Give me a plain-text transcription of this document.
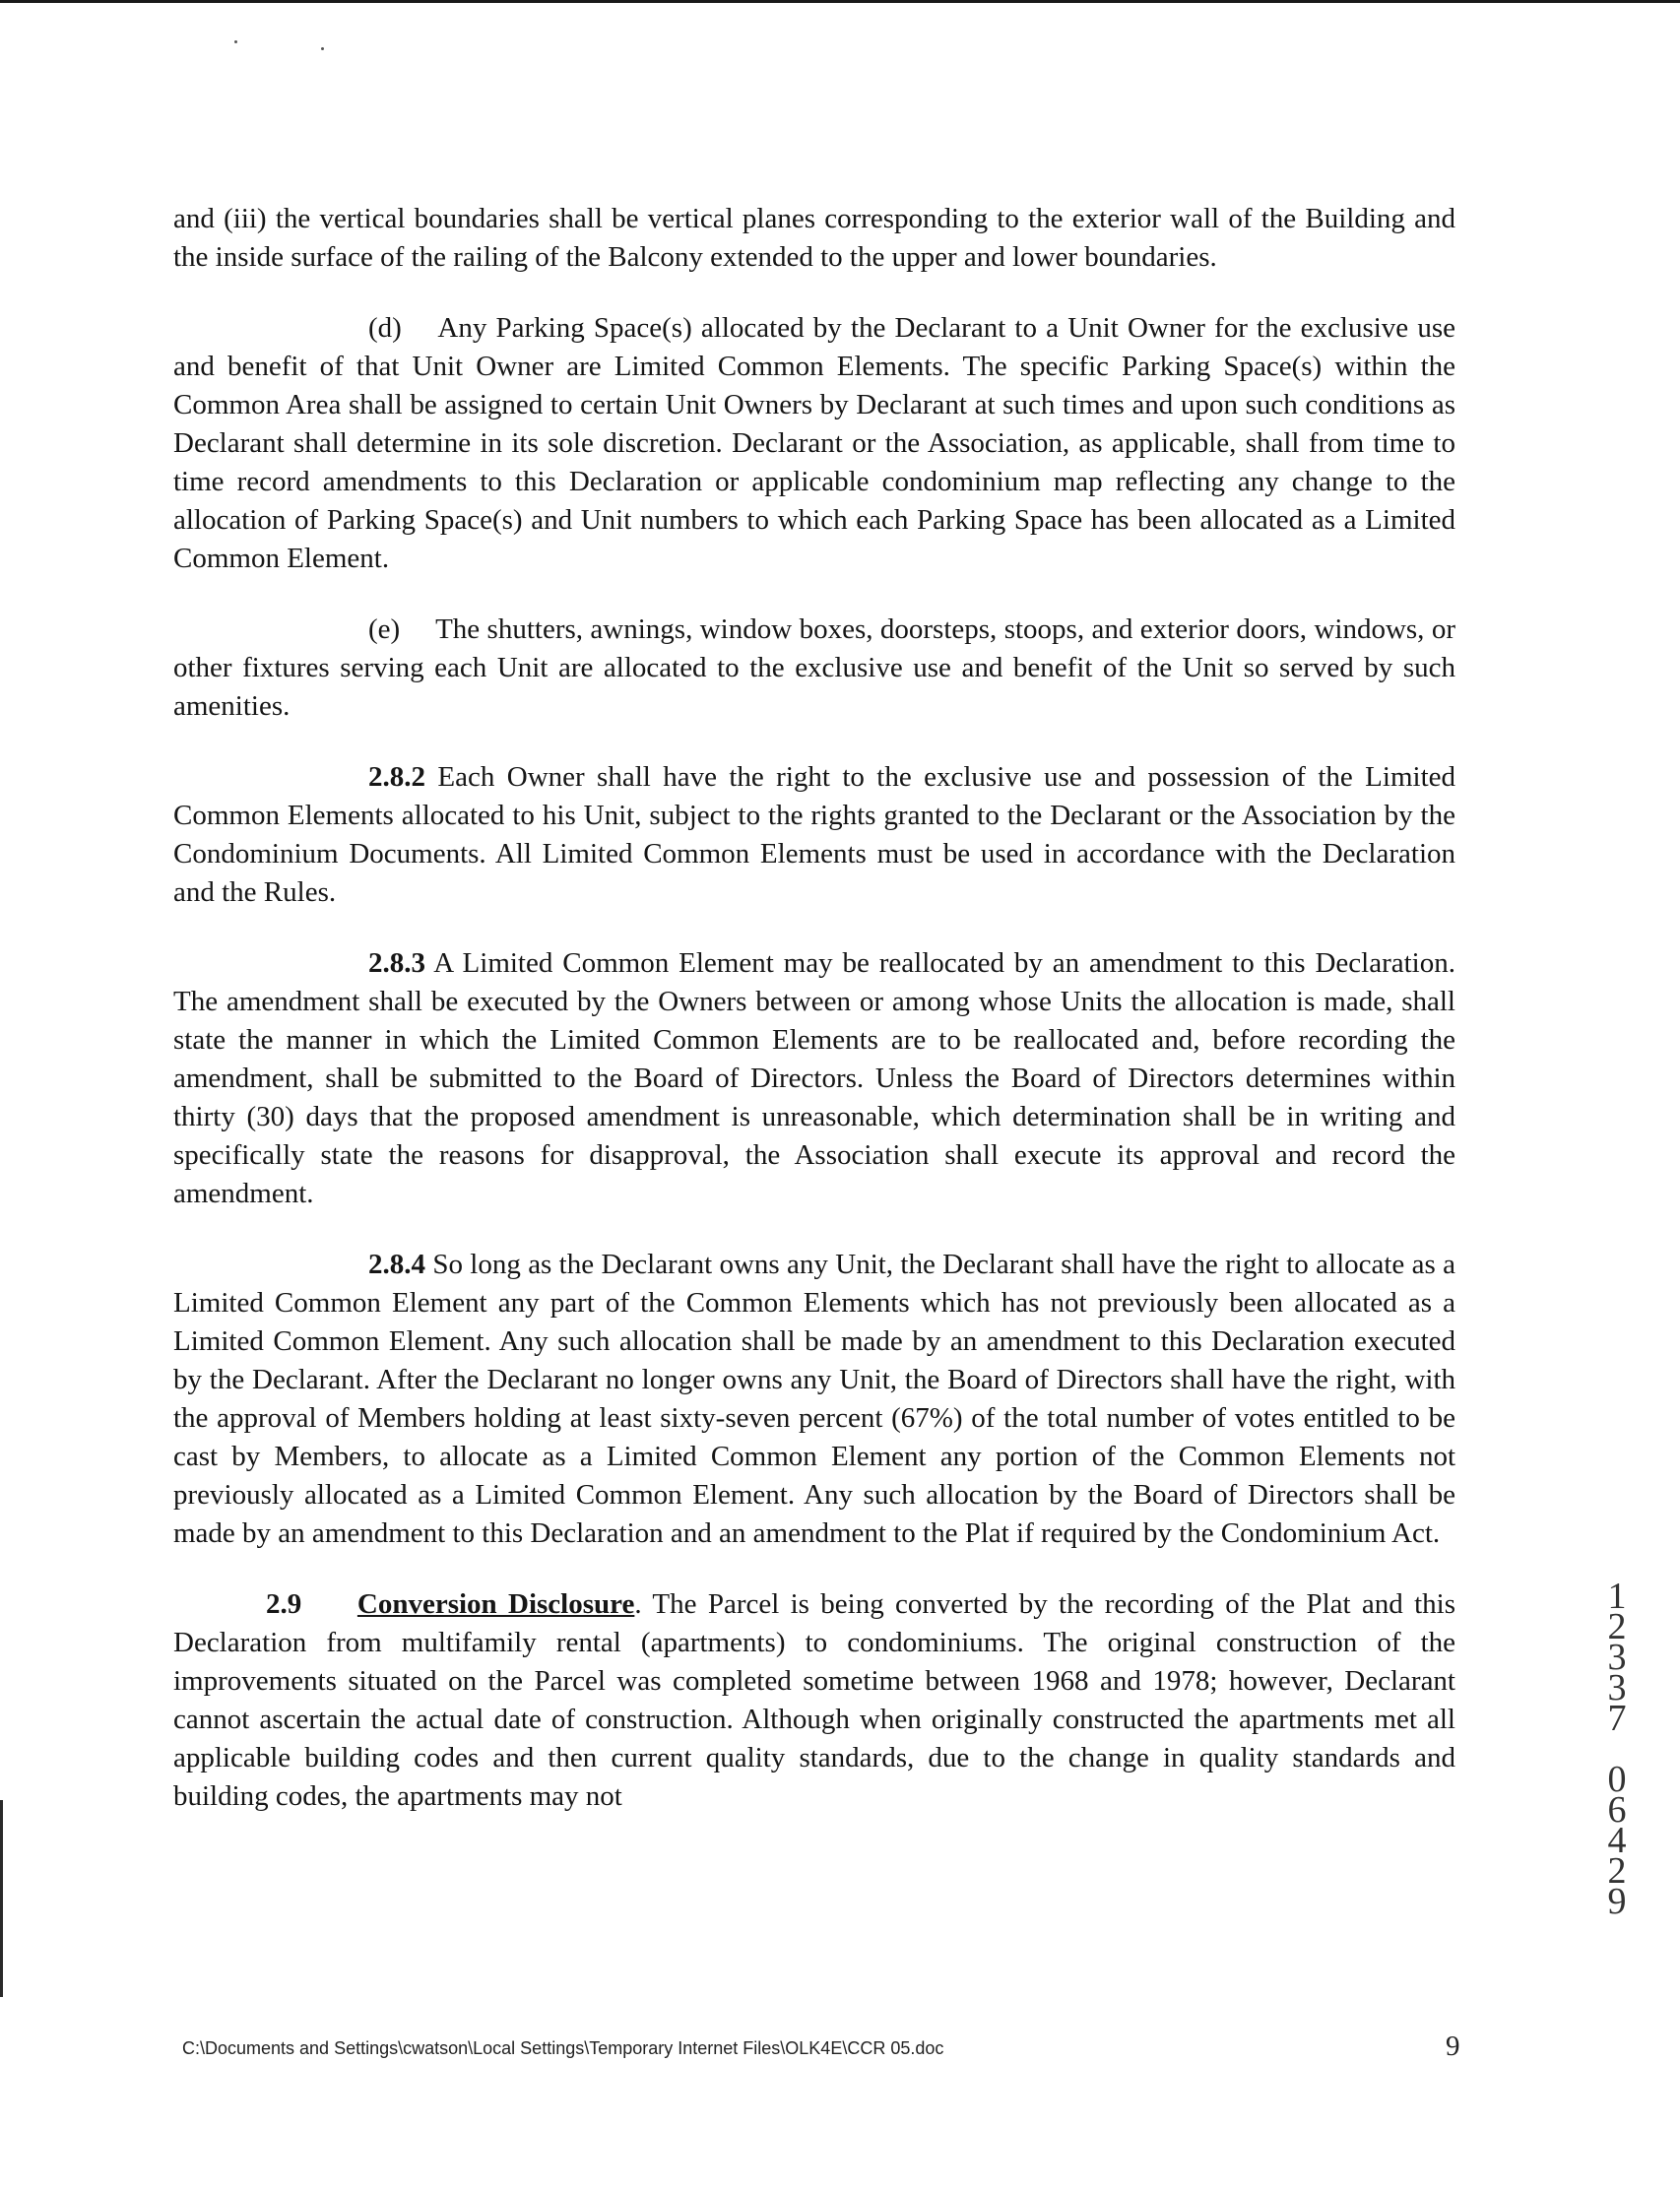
and (iii) the vertical boundaries shall be vertical planes corresponding to the exterior wall of the Building and the inside surface of the railing of the Balcony extended to the upper and lower boundaries.

(d)  Any Parking Space(s) allocated by the Declarant to a Unit Owner for the exclusive use and benefit of that Unit Owner are Limited Common Elements. The specific Parking Space(s) within the Common Area shall be assigned to certain Unit Owners by Declarant at such times and upon such conditions as Declarant shall determine in its sole discretion. Declarant or the Association, as applicable, shall from time to time record amendments to this Declaration or applicable condominium map reflecting any change to the allocation of Parking Space(s) and Unit numbers to which each Parking Space has been allocated as a Limited Common Element.

(e)  The shutters, awnings, window boxes, doorsteps, stoops, and exterior doors, windows, or other fixtures serving each Unit are allocated to the exclusive use and benefit of the Unit so served by such amenities.

2.8.2 Each Owner shall have the right to the exclusive use and possession of the Limited Common Elements allocated to his Unit, subject to the rights granted to the Declarant or the Association by the Condominium Documents. All Limited Common Elements must be used in accordance with the Declaration and the Rules.

2.8.3 A Limited Common Element may be reallocated by an amendment to this Declaration. The amendment shall be executed by the Owners between or among whose Units the allocation is made, shall state the manner in which the Limited Common Elements are to be reallocated and, before recording the amendment, shall be submitted to the Board of Directors. Unless the Board of Directors determines within thirty (30) days that the proposed amendment is unreasonable, which determination shall be in writing and specifically state the reasons for disapproval, the Association shall execute its approval and record the amendment.

2.8.4 So long as the Declarant owns any Unit, the Declarant shall have the right to allocate as a Limited Common Element any part of the Common Elements which has not previously been allocated as a Limited Common Element. Any such allocation shall be made by an amendment to this Declaration executed by the Declarant. After the Declarant no longer owns any Unit, the Board of Directors shall have the right, with the approval of Members holding at least sixty-seven percent (67%) of the total number of votes entitled to be cast by Members, to allocate as a Limited Common Element any portion of the Common Elements not previously allocated as a Limited Common Element. Any such allocation by the Board of Directors shall be made by an amendment to this Declaration and an amendment to the Plat if required by the Condominium Act.

2.9 Conversion Disclosure. The Parcel is being converted by the recording of the Plat and this Declaration from multifamily rental (apartments) to condominiums. The original construction of the improvements situated on the Parcel was completed sometime between 1968 and 1978; however, Declarant cannot ascertain the actual date of construction. Although when originally constructed the apartments met all applicable building codes and then current quality standards, due to the change in quality standards and building codes, the apartments may not

1
2
3
3
7
0
6
4
2
9
C:\Documents and Settings\cwatson\Local Settings\Temporary Internet Files\OLK4E\CCR 05.doc	9
